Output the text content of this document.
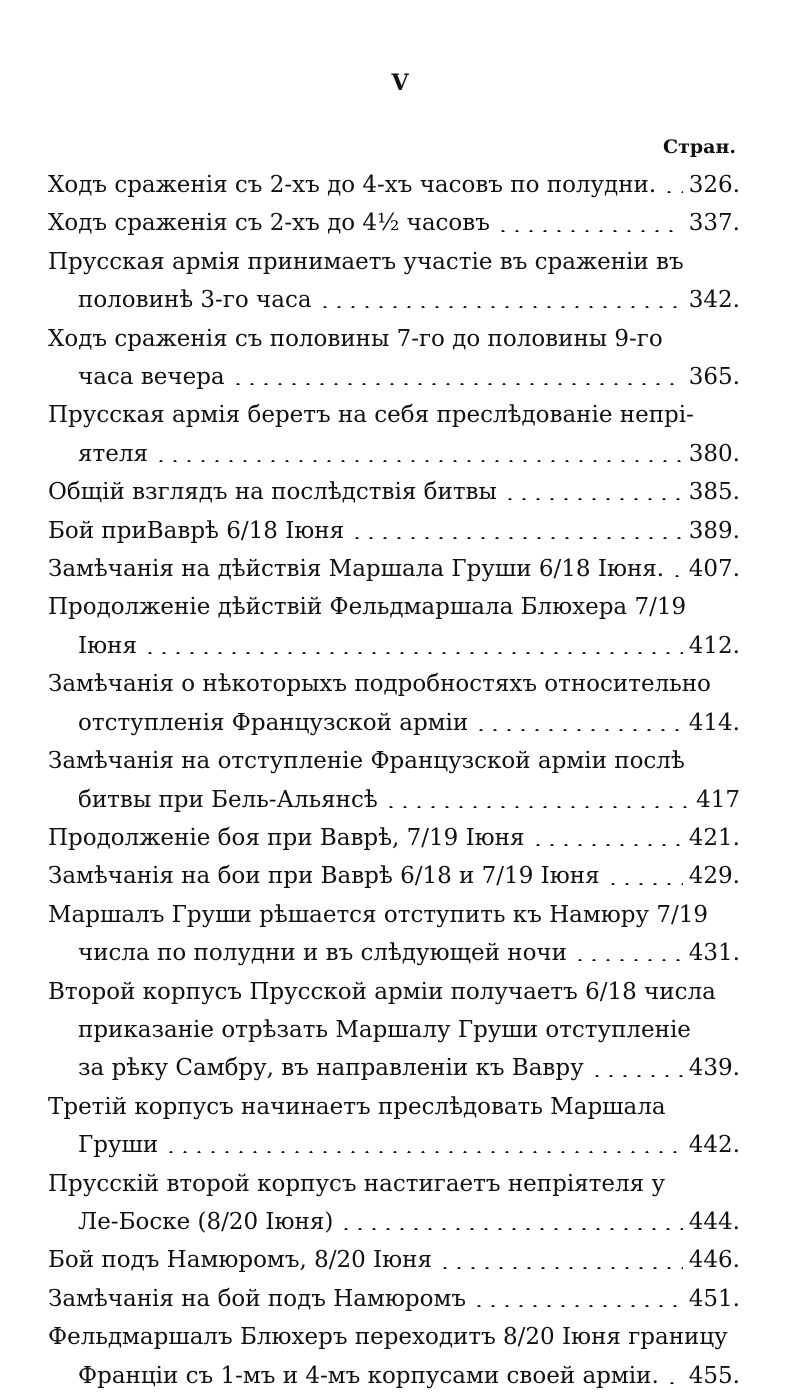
V
Стран.
Ходъ сраженія съ 2-хъ до 4-хъ часовъ по полудни. 326.
Ходъ сраженія съ 2-хъ до 4½ часовъ	337.
Прусская армія принимаетъ участіе въ сраженіи въ
половинѣ 3-го часа	342.
Ходъ сраженія съ половины 7-го до половины 9-го
часа вечера	365.
Прусская армія беретъ на себя преслѣдованіе непрі-
ятеля	380.
Общій взглядъ на послѣдствія битвы	385.
Бой приВаврѣ 6/18 Іюня	389.
Замѣчанія на дѣйствія Маршала Груши 6/18 Іюня. 407.
Продолженіе дѣйствій Фельдмаршала Блюхера 7/19
Іюня	412.
Замѣчанія о нѣкоторыхъ подробностяхъ относительно
отступленія Французской арміи	414.
Замѣчанія на отступленіе Французской арміи послѣ
битвы при Бель-Альянсѣ	417
Продолженіе боя при Ваврѣ, 7/19 Іюня	421.
Замѣчанія на бои при Ваврѣ 6/18 и 7/19 Іюня	429.
Маршалъ Груши рѣшается отступить къ Намюру 7/19
числа по полудни и въ слѣдующей ночи	431.
Второй корпусъ Прусской арміи получаетъ 6/18 числа
приказаніе отрѣзать Маршалу Груши отступленіе
за рѣку Самбру, въ направленіи къ Вавру	439.
Третій корпусъ начинаетъ преслѣдовать Маршала
Груши	442.
Прусскій второй корпусъ настигаетъ непріятеля у
Ле-Боске (8/20 Іюня)	444.
Бой подъ Намюромъ, 8/20 Іюня	446.
Замѣчанія на бой подъ Намюромъ	451.
Фельдмаршалъ Блюхеръ переходитъ 8/20 Іюня границу
Франціи съ 1-мъ и 4-мъ корпусами своей арміи. 455.
